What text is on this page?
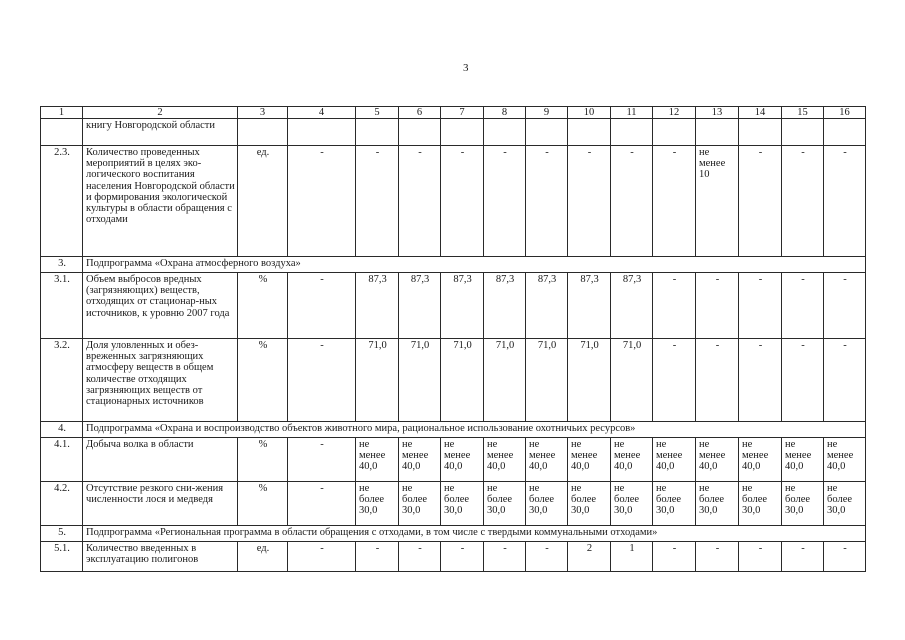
3
1	2	3	4	5	6	7	8	9	10	11	12	13	14	15	16
	книгу Новгородской области														
2.3.	Количество проведенных мероприятий в целях эко-логического воспитания населения Новгородской области и формирования экологической культуры в области обращения с отходами	ед.	-	-	-	-	-	-	-	-	-	не менее 10	-	-	-
3.	Подпрограмма «Охрана атмосферного воздуха»														
3.1.	Объем выбросов вредных (загрязняющих) веществ, отходящих от стационар-ных источников, к уровню 2007 года	%	-	87,3	87,3	87,3	87,3	87,3	87,3	87,3	-	-	-	-	-
3.2.	Доля уловленных и обез-вреженных загрязняющих атмосферу веществ в общем количестве отходящих загрязняющих веществ от стационарных источников	%	-	71,0	71,0	71,0	71,0	71,0	71,0	71,0	-	-	-	-	-
4.	Подпрограмма «Охрана и воспроизводство объектов животного мира, рациональное использование охотничьих ресурсов»														
4.1.	Добыча волка в области	%	-	не менее 40,0	не менее 40,0	не менее 40,0	не менее 40,0	не менее 40,0	не менее 40,0	не менее 40,0	не менее 40,0	не менее 40,0	не менее 40,0	не менее 40,0	не менее 40,0
4.2.	Отсутствие резкого сни-жения численности лося и медведя	%	-	не более 30,0	не более 30,0	не более 30,0	не более 30,0	не более 30,0	не более 30,0	не более 30,0	не более 30,0	не более 30,0	не более 30,0	не более 30,0	не более 30,0
5.	Подпрограмма «Региональная программа в области обращения с отходами, в том числе с твердыми коммунальными отходами»														
5.1.	Количество введенных в эксплуатацию полигонов	ед.	-	-	-	-	-	-	2	1	-	-	-	-	-
